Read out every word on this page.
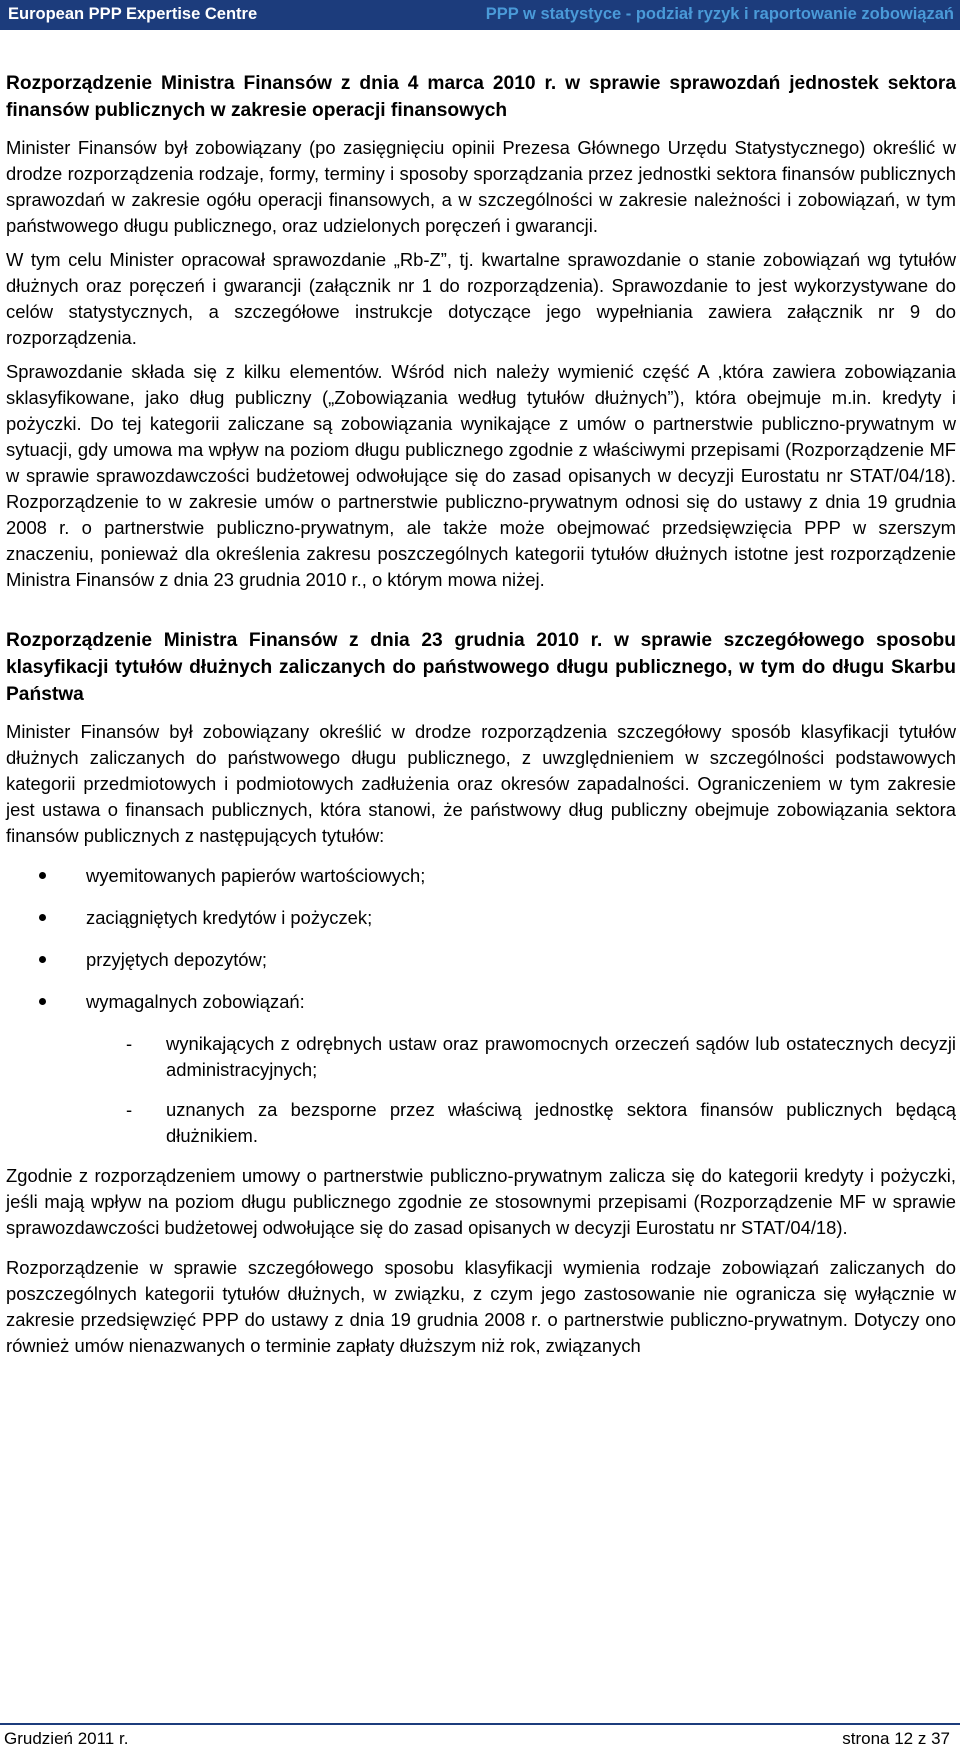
European PPP Expertise Centre	PPP w statystyce - podział ryzyk i raportowanie zobowiązań
Rozporządzenie Ministra Finansów z dnia 4 marca 2010 r. w sprawie sprawozdań jednostek sektora finansów publicznych w zakresie operacji finansowych

Minister Finansów był zobowiązany (po zasięgnięciu opinii Prezesa Głównego Urzędu Statystycznego) określić w drodze rozporządzenia rodzaje, formy, terminy i sposoby sporządzania przez jednostki sektora finansów publicznych sprawozdań w zakresie ogółu operacji finansowych, a w szczególności w zakresie należności i zobowiązań, w tym państwowego długu publicznego, oraz udzielonych poręczeń i gwarancji.

W tym celu Minister opracował sprawozdanie „Rb-Z”, tj. kwartalne sprawozdanie o stanie zobowiązań wg tytułów dłużnych oraz poręczeń i gwarancji (załącznik nr 1 do rozporządzenia). Sprawozdanie to jest wykorzystywane do celów statystycznych, a szczegółowe instrukcje dotyczące jego wypełniania zawiera załącznik nr 9 do rozporządzenia.

Sprawozdanie składa się z kilku elementów. Wśród nich należy wymienić część A ,która zawiera zobowiązania sklasyfikowane, jako dług publiczny („Zobowiązania według tytułów dłużnych”), która obejmuje m.in. kredyty i pożyczki. Do tej kategorii zaliczane są zobowiązania wynikające z umów o partnerstwie publiczno-prywatnym w sytuacji, gdy umowa ma wpływ na poziom długu publicznego zgodnie z właściwymi przepisami (Rozporządzenie MF w sprawie sprawozdawczości budżetowej odwołujące się do zasad opisanych w decyzji Eurostatu nr STAT/04/18). Rozporządzenie to w zakresie umów o partnerstwie publiczno-prywatnym odnosi się do ustawy z dnia 19 grudnia 2008 r. o partnerstwie publiczno-prywatnym, ale także może obejmować przedsięwzięcia PPP w szerszym znaczeniu, ponieważ dla określenia zakresu poszczególnych kategorii tytułów dłużnych istotne jest rozporządzenie Ministra Finansów z dnia 23 grudnia 2010 r., o którym mowa niżej.

Rozporządzenie Ministra Finansów z dnia 23 grudnia 2010 r. w sprawie szczegółowego sposobu klasyfikacji tytułów dłużnych zaliczanych do państwowego długu publicznego, w tym do długu Skarbu Państwa

Minister Finansów był zobowiązany określić w drodze rozporządzenia szczegółowy sposób klasyfikacji tytułów dłużnych zaliczanych do państwowego długu publicznego, z uwzględnieniem w szczególności podstawowych kategorii przedmiotowych i podmiotowych zadłużenia oraz okresów zapadalności. Ograniczeniem w tym zakresie jest ustawa o finansach publicznych, która stanowi, że państwowy dług publiczny obejmuje zobowiązania sektora finansów publicznych z następujących tytułów:

wyemitowanych papierów wartościowych;
zaciągniętych kredytów i pożyczek;
przyjętych depozytów;
wymagalnych zobowiązań:
- wynikających z odrębnych ustaw oraz prawomocnych orzeczeń sądów lub ostatecznych decyzji administracyjnych;
- uznanych za bezsporne przez właściwą jednostkę sektora finansów publicznych będącą dłużnikiem.

Zgodnie z rozporządzeniem umowy o partnerstwie publiczno-prywatnym zalicza się do kategorii kredyty i pożyczki, jeśli mają wpływ na poziom długu publicznego zgodnie ze stosownymi przepisami (Rozporządzenie MF w sprawie sprawozdawczości budżetowej odwołujące się do zasad opisanych w decyzji Eurostatu nr STAT/04/18).

Rozporządzenie w sprawie szczegółowego sposobu klasyfikacji wymienia rodzaje zobowiązań zaliczanych do poszczególnych kategorii tytułów dłużnych, w związku, z czym jego zastosowanie nie ogranicza się wyłącznie w zakresie przedsięwzięć PPP do ustawy z dnia 19 grudnia 2008 r. o partnerstwie publiczno-prywatnym. Dotyczy ono również umów nienazwanych o terminie zapłaty dłuższym niż rok, związanych

Grudzień 2011 r.	strona 12 z 37
